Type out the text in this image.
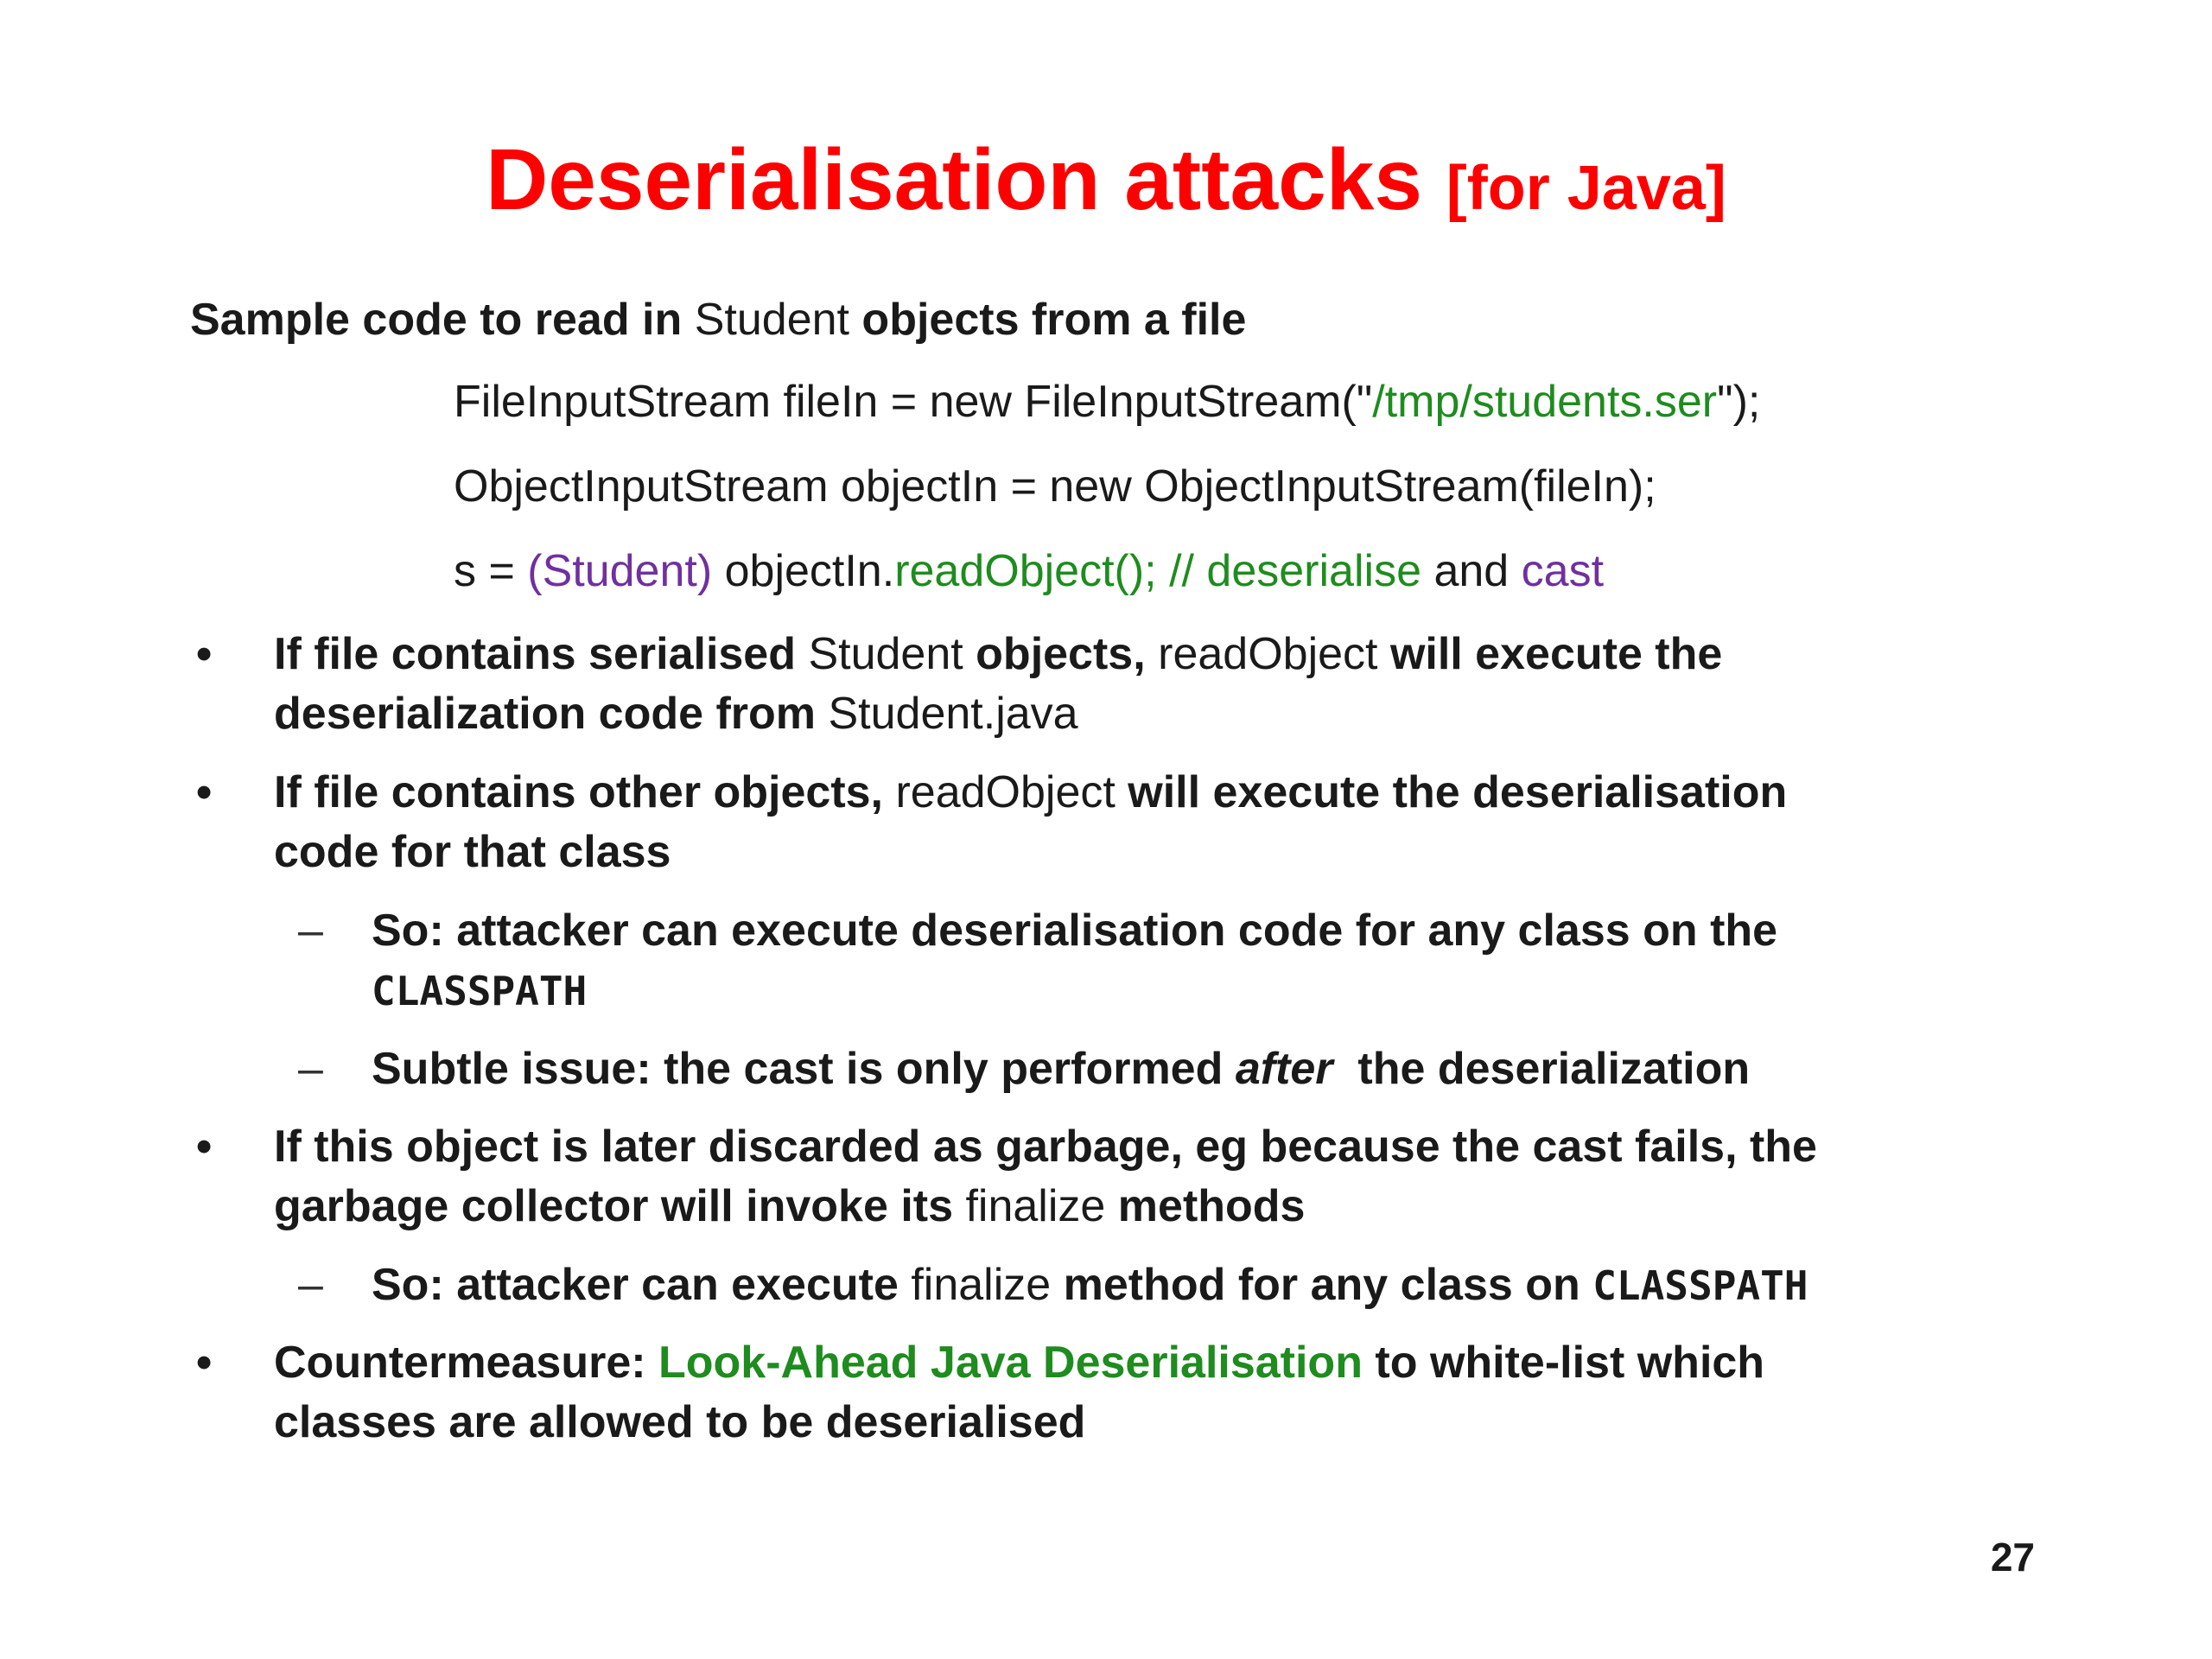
Deserialisation attacks [for Java]
Sample code to read in Student objects from a file
FileInputStream fileIn = new FileInputStream("/tmp/students.ser");
ObjectInputStream objectIn = new ObjectInputStream(fileIn);
s = (Student) objectIn.readObject(); // deserialise and cast
• If file contains serialised Student objects, readObject will execute the
deserialization code from Student.java
• If file contains other objects, readObject will execute the deserialisation
code for that class
– So: attacker can execute deserialisation code for any class on the
CLASSPATH
– Subtle issue: the cast is only performed after  the deserialization
• If this object is later discarded as garbage, eg because the cast fails, the
garbage collector will invoke its finalize methods
– So: attacker can execute finalize method for any class on CLASSPATH
• Countermeasure: Look-Ahead Java Deserialisation to white-list which
classes are allowed to be deserialised
27
